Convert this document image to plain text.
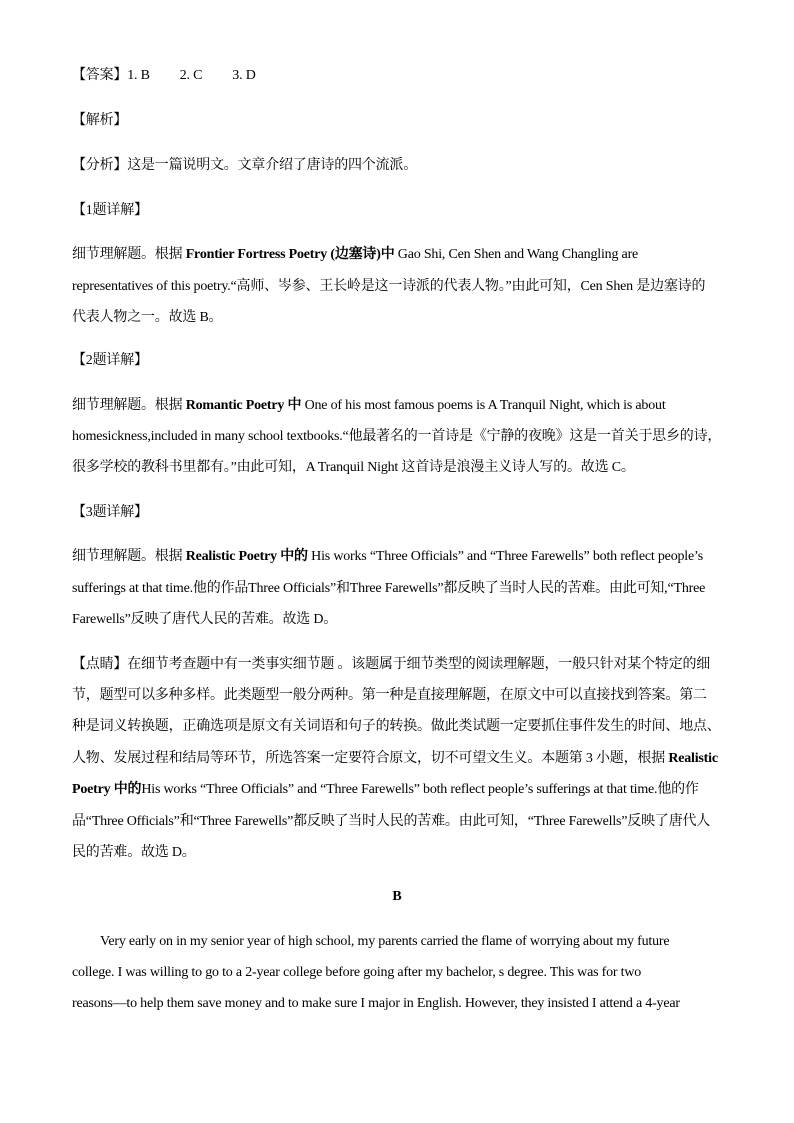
【答案】1. B 2. C 3. D
【解析】
【分析】这是一篇说明文。文章介绍了唐诗的四个流派。
【1题详解】
细节理解题。根据 Frontier Fortress Poetry (边塞诗)中 Gao Shi, Cen Shen and Wang Changling are
representatives of this poetry.“高师、岑参、王长岭是这一诗派的代表人物。”由此可知，Cen Shen 是边塞诗的
代表人物之一。故选 B。
【2题详解】
细节理解题。根据 Romantic Poetry 中 One of his most famous poems is A Tranquil Night, which is about
homesickness,included in many school textbooks.“他最著名的一首诗是《宁静的夜晚》这是一首关于思乡的诗，
很多学校的教科书里都有。”由此可知，A Tranquil Night 这首诗是浪漫主义诗人写的。故选 C。
【3题详解】
细节理解题。根据 Realistic Poetry 中的 His works “Three Officials” and “Three Farewells” both reflect people’s
sufferings at that time.他的作品Three Officials”和Three Farewells”都反映了当时人民的苦难。由此可知,“Three
Farewells”反映了唐代人民的苦难。故选 D。
【点睛】在细节考查题中有一类事实细节题 。该题属于细节类型的阅读理解题，一般只针对某个特定的细
节，题型可以多种多样。此类题型一般分两种。第一种是直接理解题，在原文中可以直接找到答案。第二
种是词义转换题，正确选项是原文有关词语和句子的转换。做此类试题一定要抓住事件发生的时间、地点、
人物、发展过程和结局等环节，所选答案一定要符合原文，切不可望文生义。本题第 3 小题，根据 Realistic
Poetry 中的His works “Three Officials” and “Three Farewells” both reflect people’s sufferings at that time.他的作
品“Three Officials”和“Three Farewells”都反映了当时人民的苦难。由此可知，“Three Farewells”反映了唐代人
民的苦难。故选 D。
B
Very early on in my senior year of high school, my parents carried the flame of worrying about my future
college. I was willing to go to a 2-year college before going after my bachelor, s degree. This was for two
reasons—to help them save money and to make sure I major in English. However, they insisted I attend a 4-year
